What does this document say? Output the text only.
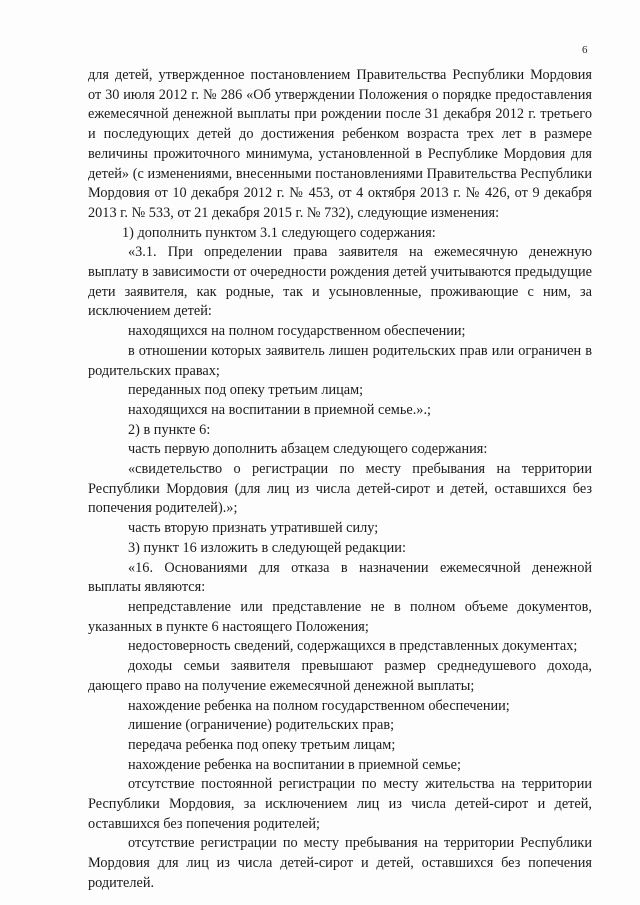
6

для детей, утвержденное постановлением Правительства Республики Мордовия от 30 июля 2012 г. № 286 «Об утверждении Положения о порядке предоставления ежемесячной денежной выплаты при рождении после 31 декабря 2012 г. третьего и последующих детей до достижения ребенком возраста трех лет в размере величины прожиточного минимума, установленной в Республике Мордовия для детей» (с изменениями, внесенными постановлениями Правительства Республики Мордовия от 10 декабря 2012 г. № 453, от 4 октября 2013 г. № 426, от 9 декабря 2013 г. № 533, от 21 декабря 2015 г. № 732), следующие изменения:

1) дополнить пунктом 3.1 следующего содержания:

«3.1. При определении права заявителя на ежемесячную денежную выплату в зависимости от очередности рождения детей учитываются предыдущие дети заявителя, как родные, так и усыновленные, проживающие с ним, за исключением детей:

находящихся на полном государственном обеспечении;

в отношении которых заявитель лишен родительских прав или ограничен в родительских правах;

переданных под опеку третьим лицам;

находящихся на воспитании в приемной семье.».;

2) в пункте 6:

часть первую дополнить абзацем следующего содержания:

«свидетельство о регистрации по месту пребывания на территории Республики Мордовия (для лиц из числа детей-сирот и детей, оставшихся без попечения родителей).»;

часть вторую признать утратившей силу;

3) пункт 16 изложить в следующей редакции:

«16. Основаниями для отказа в назначении ежемесячной денежной выплаты являются:

непредставление или представление не в полном объеме документов, указанных в пункте 6 настоящего Положения;

недостоверность сведений, содержащихся в представленных документах;

доходы семьи заявителя превышают размер среднедушевого дохода, дающего право на получение ежемесячной денежной выплаты;

нахождение ребенка на полном государственном обеспечении;

лишение (ограничение) родительских прав;

передача ребенка под опеку третьим лицам;

нахождение ребенка на воспитании в приемной семье;

отсутствие постоянной регистрации по месту жительства на территории Республики Мордовия, за исключением лиц из числа детей-сирот и детей, оставшихся без попечения родителей;

отсутствие регистрации по месту пребывания на территории Республики Мордовия для лиц из числа детей-сирот и детей, оставшихся без попечения родителей.
